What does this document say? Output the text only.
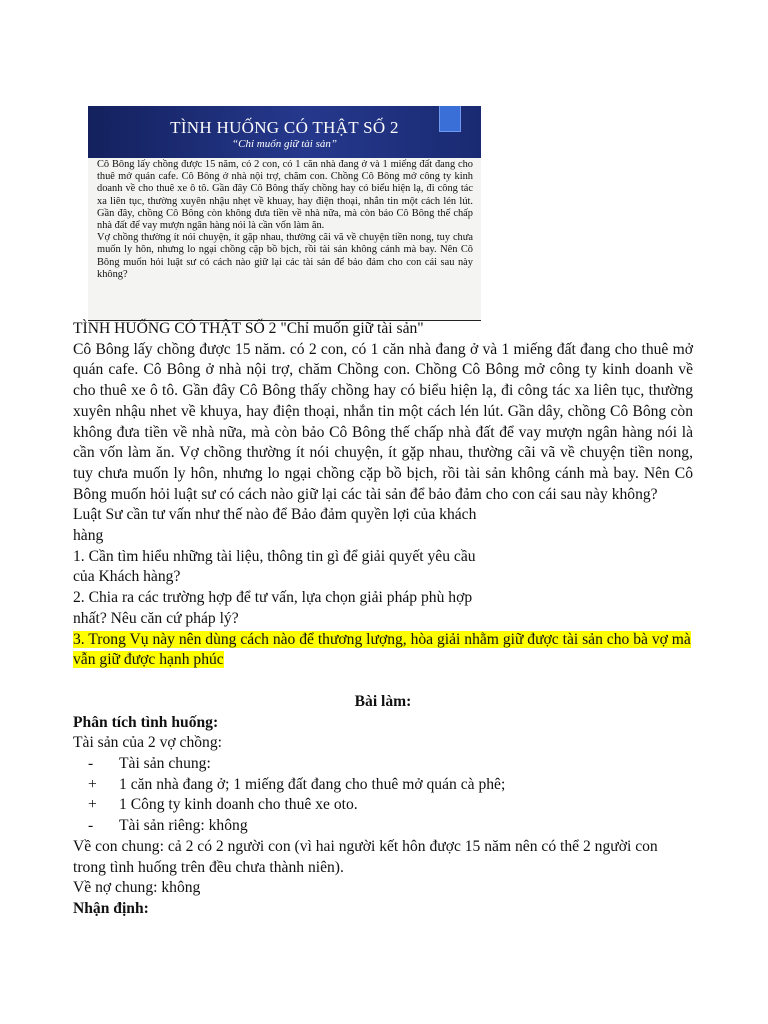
TÌNH HUỐNG CÓ THẬT SỐ 2
“Chỉ muốn giữ tài sản”

Cô Bông lấy chồng được 15 năm, có 2 con, có 1 căn nhà đang ở và 1 miếng đất đang cho thuê mở quán cafe. Cô Bông ở nhà nội trợ, chăm con. Chồng Cô Bông mở công ty kinh doanh về cho thuê xe ô tô. Gần đây Cô Bông thấy chồng hay có biểu hiện lạ, đi công tác xa liên tục, thường xuyên nhậu nhẹt về khuay, hay điện thoại, nhắn tin một cách lén lút. Gần đây, chồng Cô Bông còn không đưa tiền về nhà nữa, mà còn bảo Cô Bông thế chấp nhà đất để vay mượn ngân hàng nói là cần vốn làm ăn.

Vợ chồng thường ít nói chuyện, ít gặp nhau, thường cãi vã về chuyện tiền nong, tuy chưa muốn ly hôn, nhưng lo ngại chồng cặp bồ bịch, rồi tài sản không cánh mà bay. Nên Cô Bông muốn hỏi luật sư có cách nào giữ lại các tài sản để bảo đảm cho con cái sau này không?

TÌNH HUỐNG CÓ THẬT SỐ 2 "Chỉ muốn giữ tài sản"

Cô Bông lấy chồng được 15 năm. có 2 con, có 1 căn nhà đang ở và 1 miếng đất đang cho thuê mở quán cafe. Cô Bông ở nhà nội trợ, chăm Chồng con. Chồng Cô Bông mở công ty kinh doanh về cho thuê xe ô tô. Gần đây Cô Bông thấy chồng hay có biểu hiện lạ, đi công tác xa liên tục, thường xuyên nhậu nhet về khuya, hay điện thoại, nhắn tin một cách lén lút. Gần dây, chồng Cô Bông còn không đưa tiền về nhà nữa, mà còn bảo Cô Bông thế chấp nhà đất để vay mượn ngân hàng nói là cần vốn làm ăn. Vợ chồng thường ít nói chuyện, ít gặp nhau, thường cãi vã về chuyện tiền nong, tuy chưa muốn ly hôn, nhưng lo ngại chồng cặp bồ bịch, rồi tài sản không cánh mà bay. Nên Cô Bông muốn hỏi luật sư có cách nào giữ lại các tài sản để bảo đảm cho con cái sau này không?

Luật Sư cần tư vấn như thế nào để Bảo đảm quyền lợi của khách

hàng

1. Cần tìm hiểu những tài liệu, thông tin gì để giải quyết yêu cầu

của Khách hàng?

2. Chia ra các trường hợp để tư vấn, lựa chọn giải pháp phù hợp

nhất? Nêu căn cứ pháp lý?

3. Trong Vụ này nên dùng cách nào để thương lượng, hòa giải nhằm giữ được tài sản cho bà vợ mà vẫn giữ được hạnh phúc

Bài làm:

Phân tích tình huống:

Tài sản của 2 vợ chồng:

- Tài sản chung:
+ 1 căn nhà đang ở; 1 miếng đất đang cho thuê mở quán cà phê;
+ 1 Công ty kinh doanh cho thuê xe oto.
- Tài sản riêng: không

Về con chung: cả 2 có 2 người con (vì hai người kết hôn được 15 năm nên có thể 2 người con trong tình huống trên đều chưa thành niên).

Về nợ chung: không

Nhận định:
